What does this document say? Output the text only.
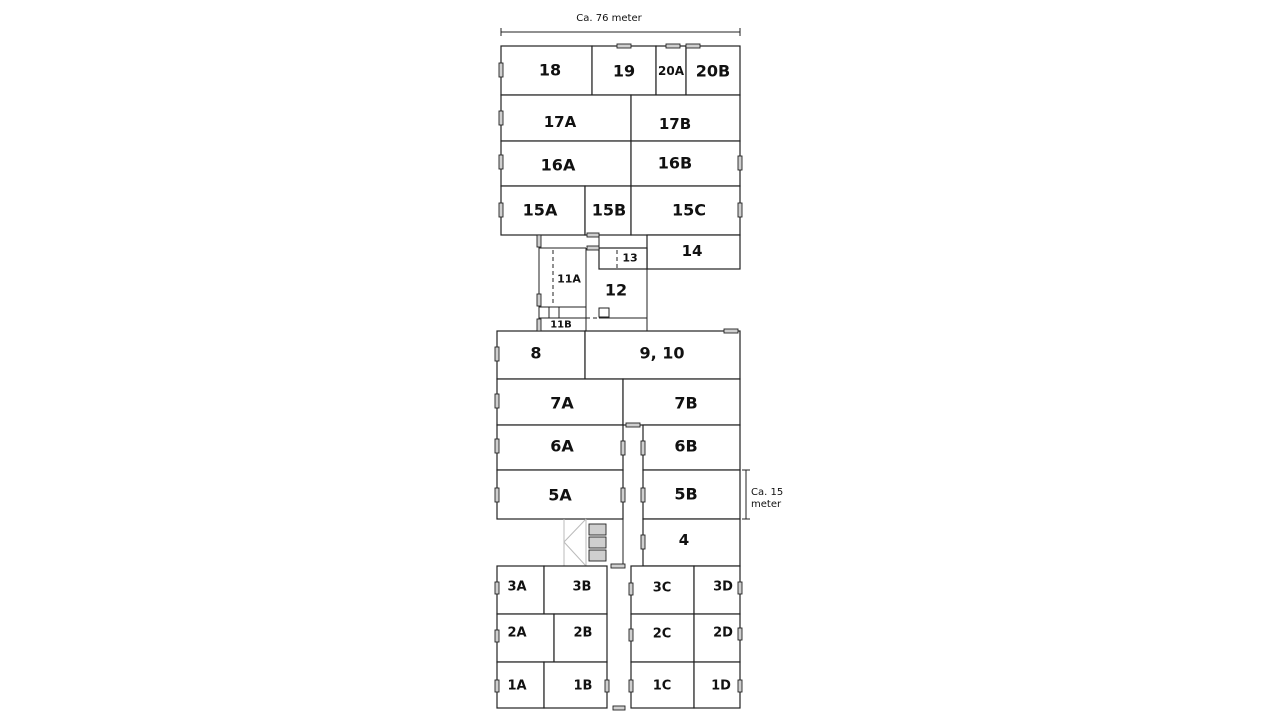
Ca. 76 meter
Ca. 15
meter
18	19 20A 20B
17A	17B
16A	16B
15A 15B	15C
14
13
12
11A
11B
8	9, 10
7A	7B
6A	6B
5A	5B
4
3A	3B	3C	3D
2A	2B	2C	2D
1A	1B	1C	1D
